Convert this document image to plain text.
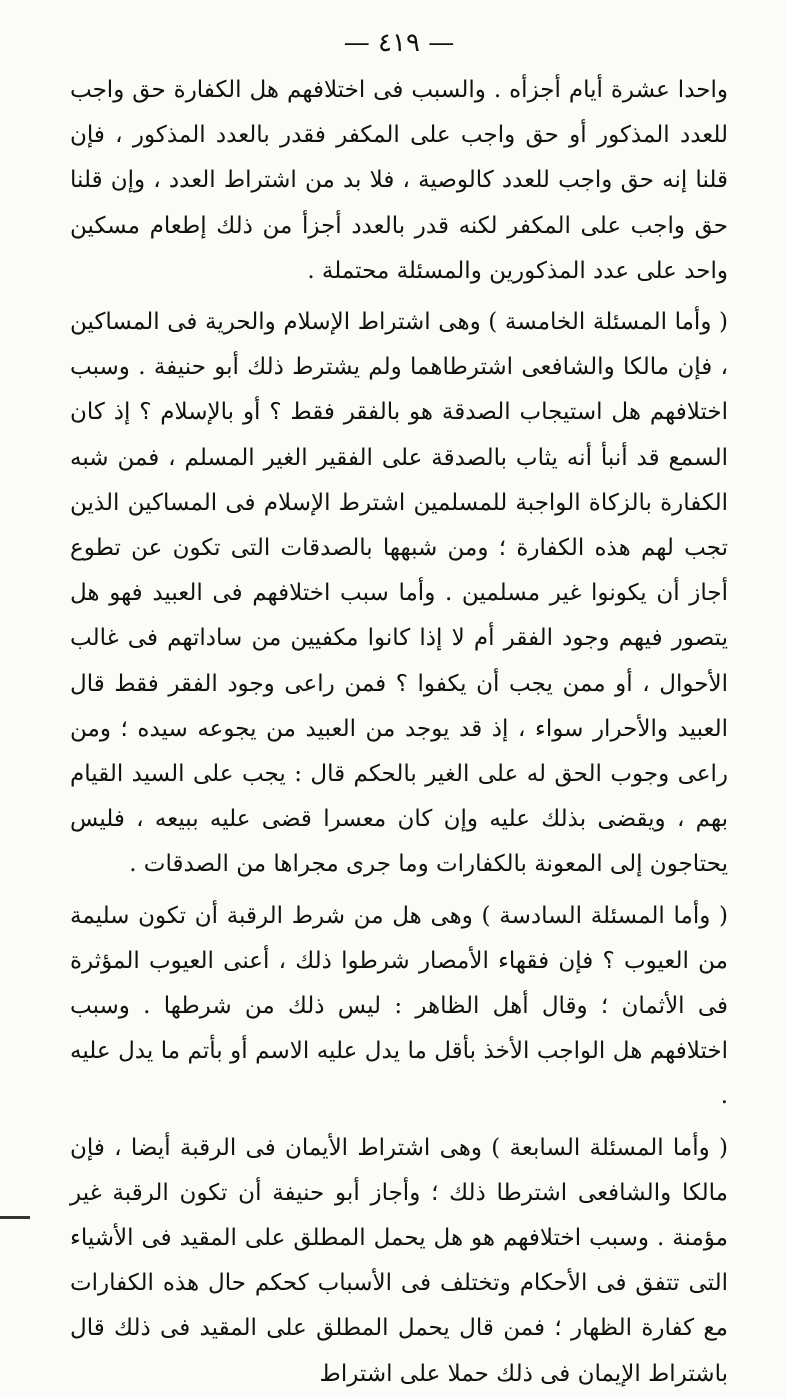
— ٤١٩ —

واحدا عشرة أيام أجزأه . والسبب فى اختلافهم هل الكفارة حق واجب للعدد المذكور أو حق واجب على المكفر فقدر بالعدد المذكور ، فإن قلنا إنه حق واجب للعدد كالوصية ، فلا بد من اشتراط العدد ، وإن قلنا حق واجب على المكفر لكنه قدر بالعدد أجزأ من ذلك إطعام مسكين واحد على عدد المذكورين والمسئلة محتملة .

( وأما المسئلة الخامسة ) وهى اشتراط الإسلام والحرية فى المساكين ، فإن مالكا والشافعى اشترطاهما ولم يشترط ذلك أبو حنيفة . وسبب اختلافهم هل استيجاب الصدقة هو بالفقر فقط ؟ أو بالإسلام ؟ إذ كان السمع قد أنبأ أنه يثاب بالصدقة على الفقير الغير المسلم ، فمن شبه الكفارة بالزكاة الواجبة للمسلمين اشترط الإسلام فى المساكين الذين تجب لهم هذه الكفارة ؛ ومن شبهها بالصدقات التى تكون عن تطوع أجاز أن يكونوا غير مسلمين . وأما سبب اختلافهم فى العبيد فهو هل يتصور فيهم وجود الفقر أم لا إذا كانوا مكفيين من ساداتهم فى غالب الأحوال ، أو ممن يجب أن يكفوا ؟ فمن راعى وجود الفقر فقط قال العبيد والأحرار سواء ، إذ قد يوجد من العبيد من يجوعه سيده ؛ ومن راعى وجوب الحق له على الغير بالحكم قال : يجب على السيد القيام بهم ، ويقضى بذلك عليه وإن كان معسرا قضى عليه ببيعه ، فليس يحتاجون إلى المعونة بالكفارات وما جرى مجراها من الصدقات .

( وأما المسئلة السادسة ) وهى هل من شرط الرقبة أن تكون سليمة من العيوب ؟ فإن فقهاء الأمصار شرطوا ذلك ، أعنى العيوب المؤثرة فى الأثمان ؛ وقال أهل الظاهر : ليس ذلك من شرطها . وسبب اختلافهم هل الواجب الأخذ بأقل ما يدل عليه الاسم أو بأتم ما يدل عليه .

( وأما المسئلة السابعة ) وهى اشتراط الأيمان فى الرقبة أيضا ، فإن مالكا والشافعى اشترطا ذلك ؛ وأجاز أبو حنيفة أن تكون الرقبة غير مؤمنة . وسبب اختلافهم هو هل يحمل المطلق على المقيد فى الأشياء التى تتفق فى الأحكام وتختلف فى الأسباب كحكم حال هذه الكفارات مع كفارة الظهار ؛ فمن قال يحمل المطلق على المقيد فى ذلك قال باشتراط الإيمان فى ذلك حملا على اشتراط
